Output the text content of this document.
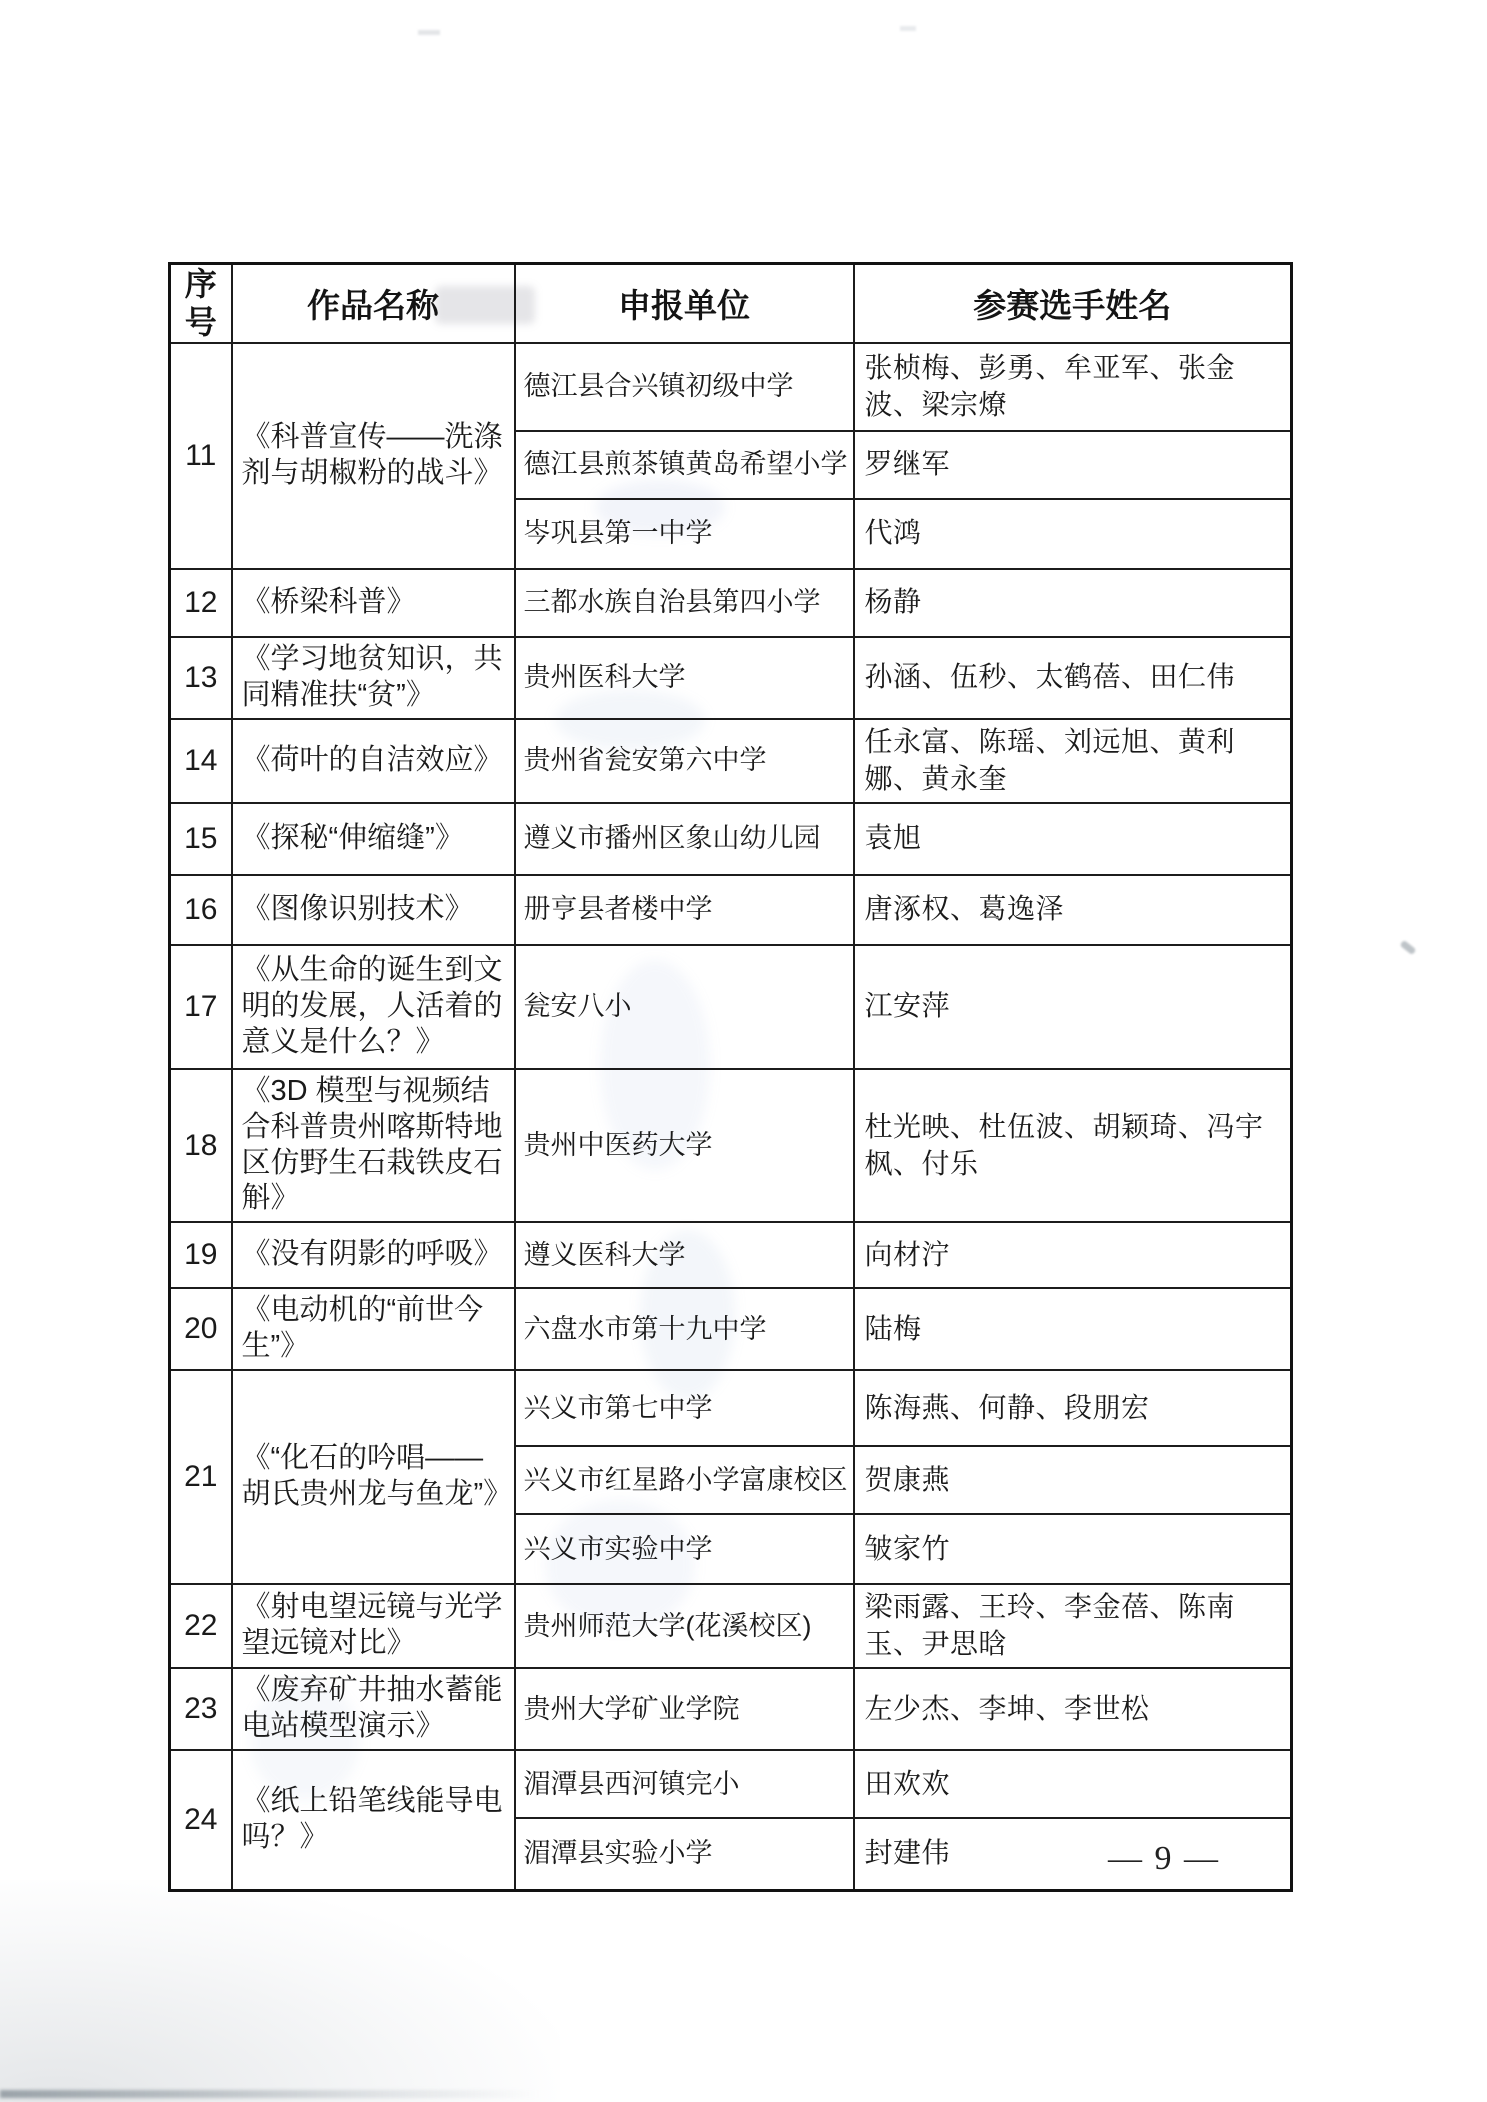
序号	作品名称	申报单位	参赛选手姓名
11	《科普宣传——洗涤剂与胡椒粉的战斗》	德江县合兴镇初级中学	张桢梅、彭勇、牟亚军、张金波、梁宗燎
		德江县煎茶镇黄岛希望小学	罗继军
		岑巩县第一中学	代鸿
12	《桥梁科普》	三都水族自治县第四小学	杨静
13	《学习地贫知识，共同精准扶“贫”》	贵州医科大学	孙涵、伍秒、太鹤蓓、田仁伟
14	《荷叶的自洁效应》	贵州省瓮安第六中学	任永富、陈瑶、刘远旭、黄利娜、黄永奎
15	《探秘“伸缩缝”》	遵义市播州区象山幼儿园	袁旭
16	《图像识别技术》	册亨县者楼中学	唐涿权、葛逸泽
17	《从生命的诞生到文明的发展，人活着的意义是什么？》	瓮安八小	江安萍
18	《3D 模型与视频结合科普贵州喀斯特地区仿野生石栽铁皮石斛》	贵州中医药大学	杜光映、杜伍波、胡颖琦、冯宇枫、付乐
19	《没有阴影的呼吸》	遵义医科大学	向材泞
20	《电动机的“前世今生”》	六盘水市第十九中学	陆梅
21	《“化石的吟唱——胡氏贵州龙与鱼龙”》	兴义市第七中学	陈海燕、何静、段朋宏
		兴义市红星路小学富康校区	贺康燕
		兴义市实验中学	皱家竹
22	《射电望远镜与光学望远镜对比》	贵州师范大学(花溪校区)	梁雨露、王玲、李金蓓、陈南玉、尹思晗
23	《废弃矿井抽水蓄能电站模型演示》	贵州大学矿业学院	左少杰、李坤、李世松
24	《纸上铅笔线能导电吗？》	湄潭县西河镇完小	田欢欢
		湄潭县实验小学	封建伟	— 9 —
